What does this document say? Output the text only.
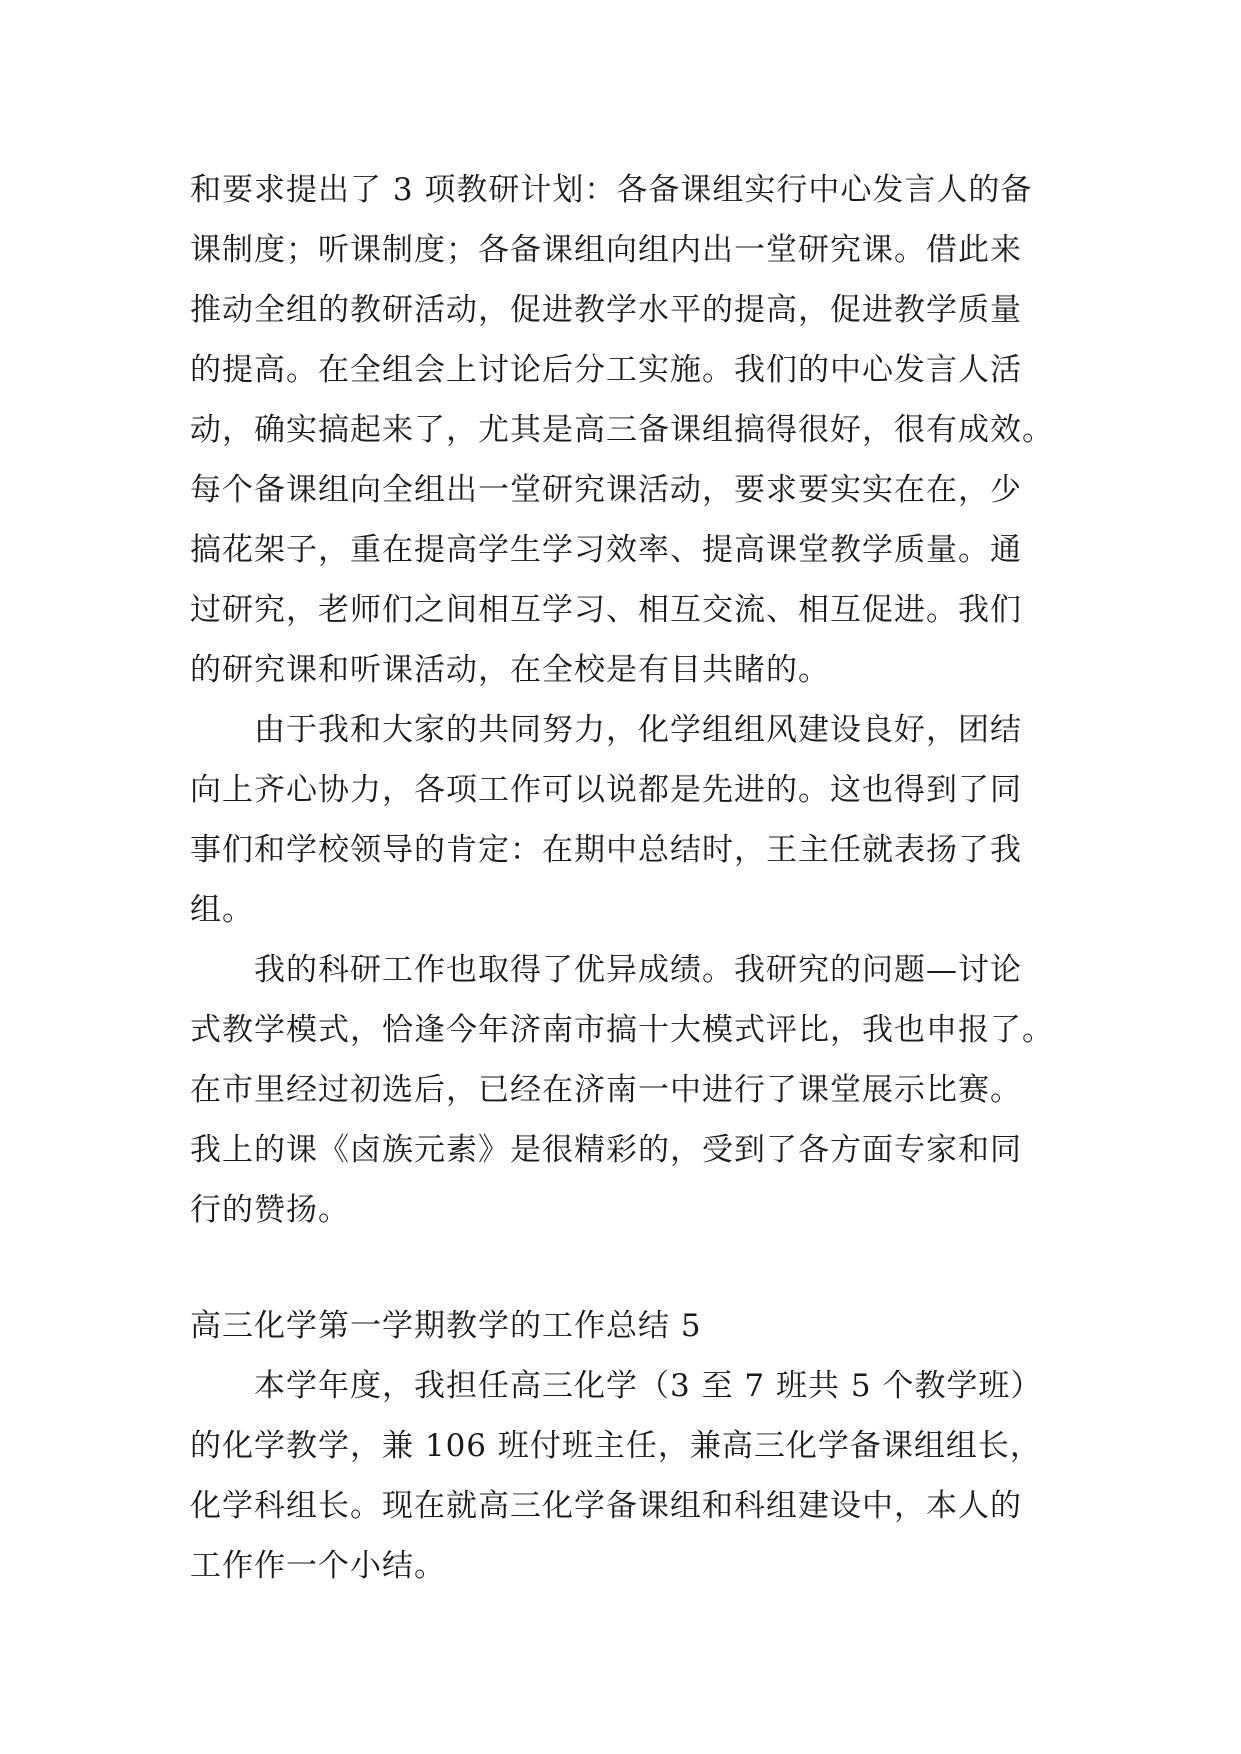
和要求提出了 3 项教研计划：各备课组实行中心发言人的备
课制度；听课制度；各备课组向组内出一堂研究课。借此来
推动全组的教研活动，促进教学水平的提高，促进教学质量
的提高。在全组会上讨论后分工实施。我们的中心发言人活
动，确实搞起来了，尤其是高三备课组搞得很好，很有成效。
每个备课组向全组出一堂研究课活动，要求要实实在在，少
搞花架子，重在提高学生学习效率、提高课堂教学质量。通
过研究，老师们之间相互学习、相互交流、相互促进。我们
的研究课和听课活动，在全校是有目共睹的。
由于我和大家的共同努力，化学组组风建设良好，团结
向上齐心协力，各项工作可以说都是先进的。这也得到了同
事们和学校领导的肯定：在期中总结时，王主任就表扬了我
组。
我的科研工作也取得了优异成绩。我研究的问题—讨论
式教学模式，恰逢今年济南市搞十大模式评比，我也申报了。
在市里经过初选后，已经在济南一中进行了课堂展示比赛。
我上的课《卤族元素》是很精彩的，受到了各方面专家和同
行的赞扬。
高三化学第一学期教学的工作总结 5
本学年度，我担任高三化学（3 至 7 班共 5 个教学班）
的化学教学，兼 106 班付班主任，兼高三化学备课组组长，
化学科组长。现在就高三化学备课组和科组建设中，本人的
工作作一个小结。
